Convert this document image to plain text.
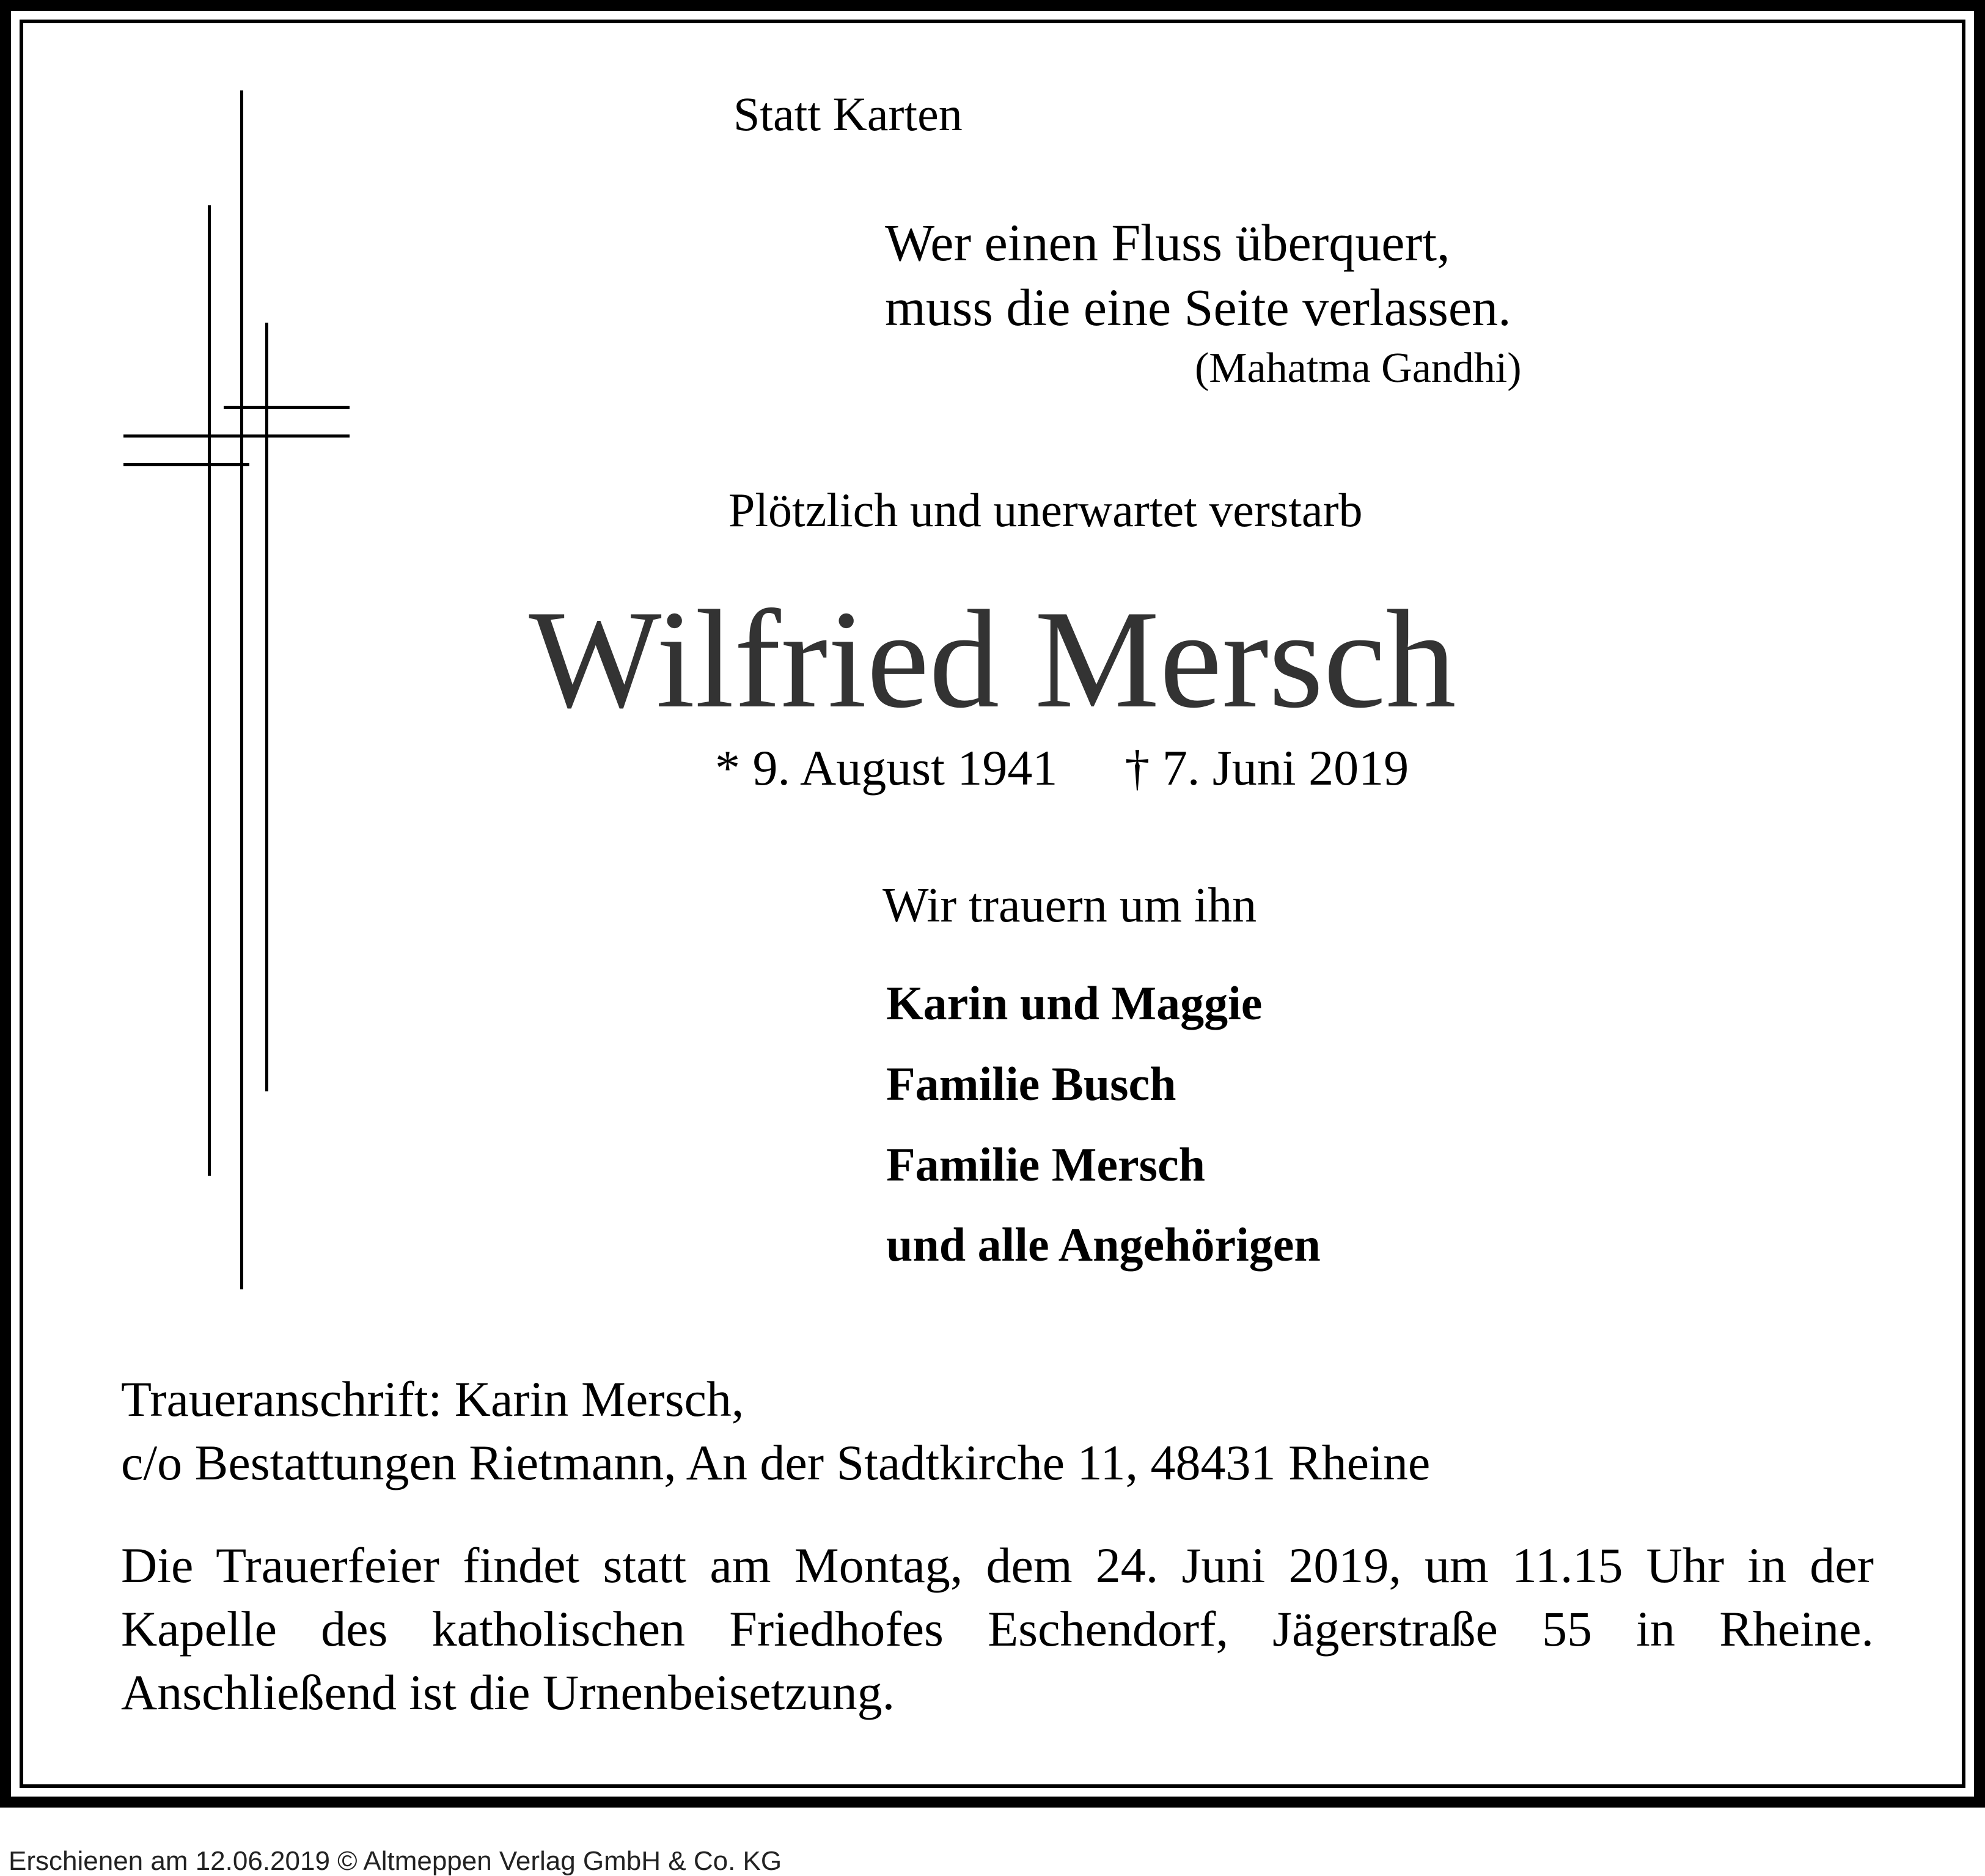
Statt Karten
Wer einen Fluss überquert,
muss die eine Seite verlassen.
(Mahatma Gandhi)
Plötzlich und unerwartet verstarb
Wilfried Mersch
* 9. August 1941 † 7. Juni 2019
Wir trauern um ihn
Karin und Maggie
Familie Busch
Familie Mersch
und alle Angehörigen
Traueranschrift: Karin Mersch,
c/o Bestattungen Rietmann, An der Stadtkirche 11, 48431 Rheine
Die Trauerfeier findet statt am Montag, dem 24. Juni 2019, um 11.15 Uhr in der Kapelle des katholischen Friedhofes Eschendorf, Jägerstraße 55 in Rheine. Anschließend ist die Urnenbeisetzung.
Erschienen am 12.06.2019 © Altmeppen Verlag GmbH & Co. KG
